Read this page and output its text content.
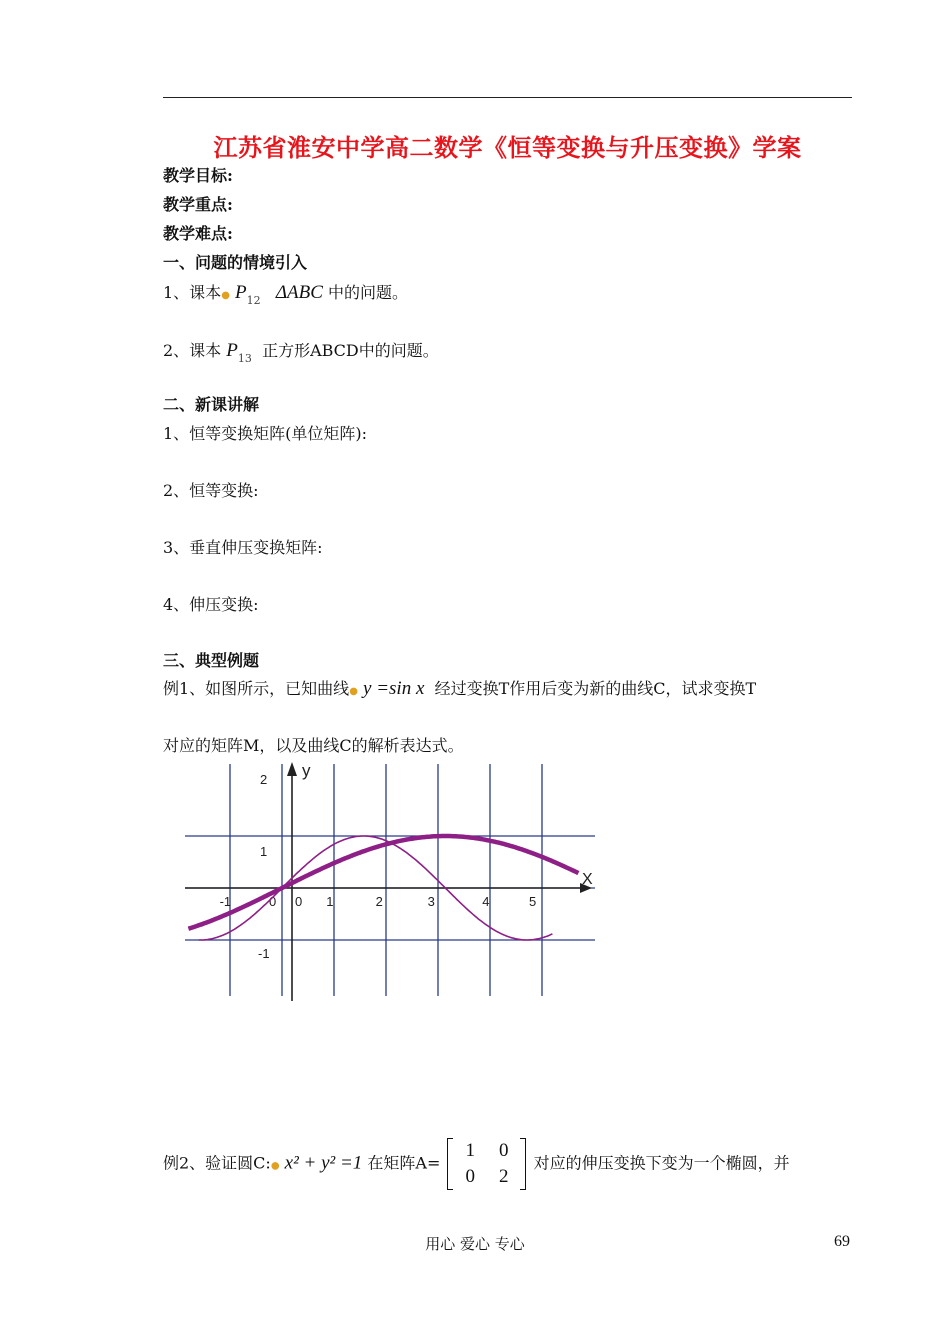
江苏省淮安中学高二数学《恒等变换与升压变换》学案
教学目标:
教学重点:
教学难点:
一、问题的情境引入
1、课本● $P_{12}$ ΔABC 中的问题。
2、课本 $P_{13}$ 正方形ABCD中的问题。
二、新课讲解
1、恒等变换矩阵(单位矩阵):
2、恒等变换:
3、垂直伸压变换矩阵:
4、伸压变换:
三、典型例题
例1、如图所示，已知曲线● y =sin x 经过变换T作用后变为新的曲线C，试求变换T
对应的矩阵M，以及曲线C的解析表达式。
X
y
-1	0 0 1	2	3	4	5
2
1
-1
例2、验证圆C:● x² + y² =1 在矩阵A=
1	0
0	2
对应的伸压变换下变为一个椭圆，并
用心 爱心 专心	69
